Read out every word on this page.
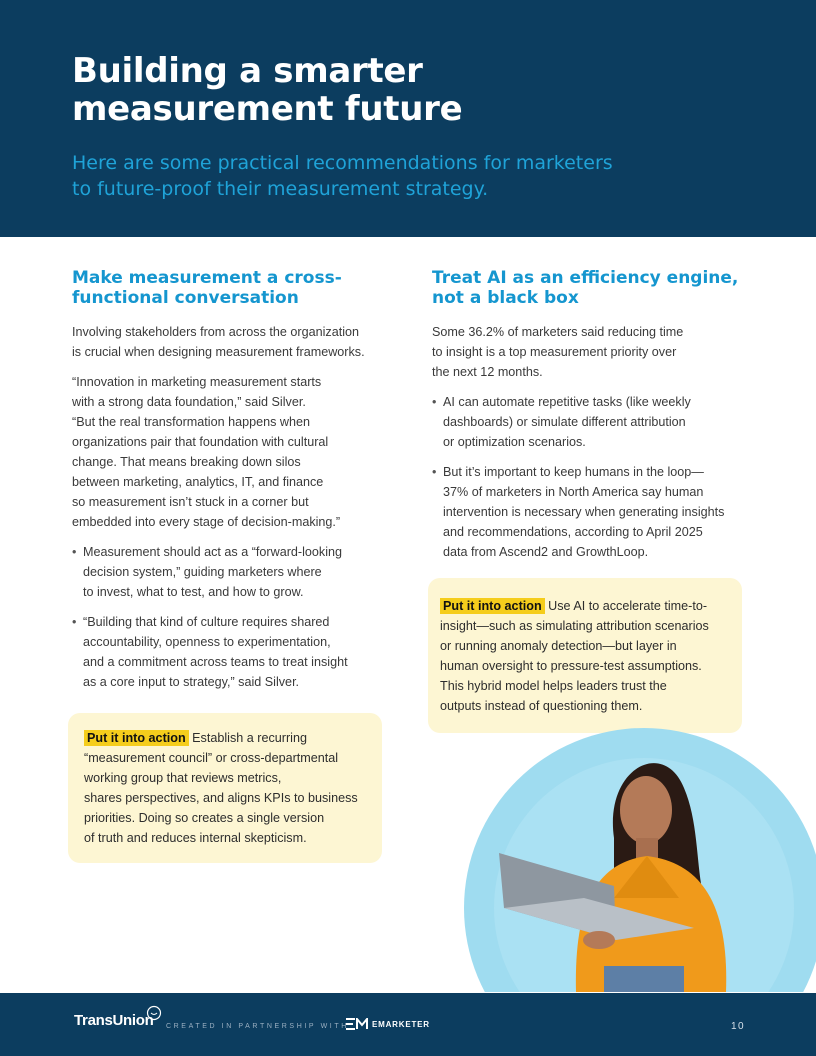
Building a smarter
measurement future

Here are some practical recommendations for marketers
to future-proof their measurement strategy.

Make measurement a cross-
functional conversation

Involving stakeholders from across the organization
is crucial when designing measurement frameworks.

“Innovation in marketing measurement starts
with a strong data foundation,” said Silver.
“But the real transformation happens when
organizations pair that foundation with cultural
change. That means breaking down silos
between marketing, analytics, IT, and finance
so measurement isn’t stuck in a corner but
embedded into every stage of decision-making.”

• Measurement should act as a “forward-looking
decision system,” guiding marketers where
to invest, what to test, and how to grow.
• “Building that kind of culture requires shared
accountability, openness to experimentation,
and a commitment across teams to treat insight
as a core input to strategy,” said Silver.
Put it into action Establish a recurring
“measurement council” or cross-departmental
working group that reviews metrics,
shares perspectives, and aligns KPIs to business
priorities. Doing so creates a single version
of truth and reduces internal skepticism.
Treat AI as an efficiency engine,
not a black box

Some 36.2% of marketers said reducing time
to insight is a top measurement priority over
the next 12 months.

• AI can automate repetitive tasks (like weekly
dashboards) or simulate different attribution
or optimization scenarios.
• But it’s important to keep humans in the loop—
37% of marketers in North America say human
intervention is necessary when generating insights
and recommendations, according to April 2025
data from Ascend2 and GrowthLoop.
Put it into action Use AI to accelerate time-to-
insight—such as simulating attribution scenarios
or running anomaly detection—but layer in
human oversight to pressure-test assumptions.
This hybrid model helps leaders trust the
outputs instead of questioning them.
TransUnion CREATED IN PARTNERSHIP WITH	EMARKETER	10
